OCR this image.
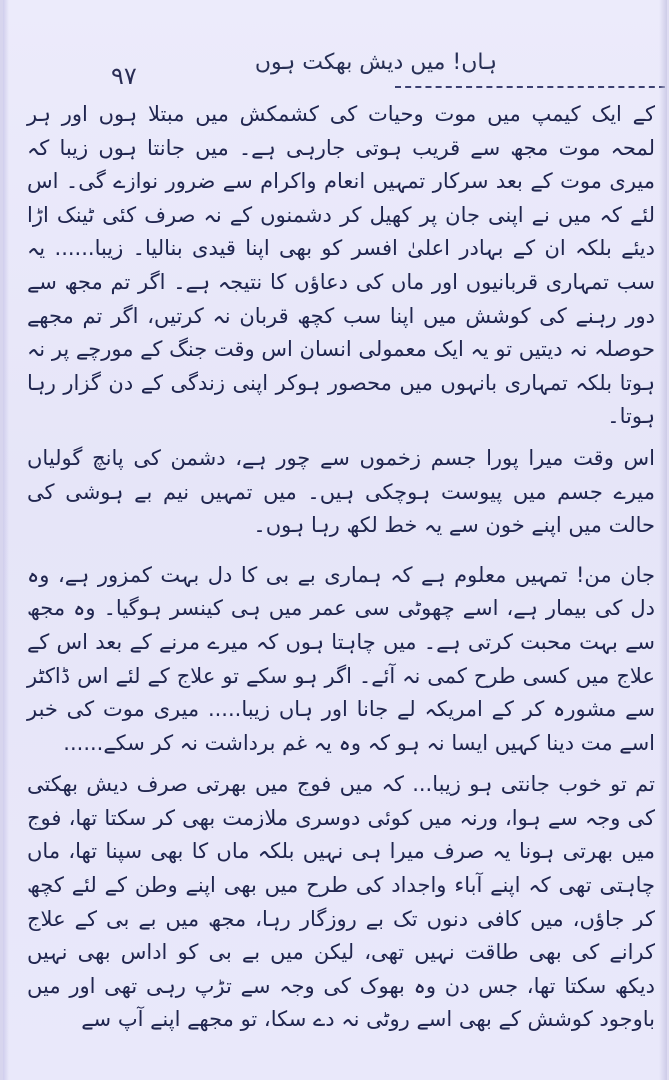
٩٧	ہاں! میں دیش بھکت ہوں

کے ایک کیمپ میں موت وحیات کی کشمکش میں مبتلا ہوں اور ہر لمحہ موت مجھ سے قریب ہوتی جارہی ہے۔ میں جانتا ہوں زیبا کہ میری موت کے بعد سرکار تمہیں انعام واکرام سے ضرور نوازے گی۔ اس لئے کہ میں نے اپنی جان پر کھیل کر دشمنوں کے نہ صرف کئی ٹینک اڑا دیئے بلکہ ان کے بہادر اعلیٰ افسر کو بھی اپنا قیدی بنالیا۔ زیبا...... یہ سب تمہاری قربانیوں اور ماں کی دعاؤں کا نتیجہ ہے۔ اگر تم مجھ سے دور رہنے کی کوشش میں اپنا سب کچھ قربان نہ کرتیں، اگر تم مجھے حوصلہ نہ دیتیں تو یہ ایک معمولی انسان اس وقت جنگ کے مورچے پر نہ ہوتا بلکہ تمہاری بانہوں میں محصور ہوکر اپنی زندگی کے دن گزار رہا ہوتا۔

اس وقت میرا پورا جسم زخموں سے چور ہے، دشمن کی پانچ گولیاں میرے جسم میں پیوست ہوچکی ہیں۔ میں تمہیں نیم بے ہوشی کی حالت میں اپنے خون سے یہ خط لکھ رہا ہوں۔

جان من! تمہیں معلوم ہے کہ ہماری بے بی کا دل بہت کمزور ہے، وہ دل کی بیمار ہے، اسے چھوٹی سی عمر میں ہی کینسر ہوگیا۔ وہ مجھ سے بہت محبت کرتی ہے۔ میں چاہتا ہوں کہ میرے مرنے کے بعد اس کے علاج میں کسی طرح کمی نہ آئے۔ اگر ہو سکے تو علاج کے لئے اس ڈاکٹر سے مشورہ کر کے امریکہ لے جانا اور ہاں زیبا..... میری موت کی خبر اسے مت دینا کہیں ایسا نہ ہو کہ وہ یہ غم برداشت نہ کر سکے......

تم تو خوب جانتی ہو زیبا... کہ میں فوج میں بھرتی صرف دیش بھکتی کی وجہ سے ہوا، ورنہ میں کوئی دوسری ملازمت بھی کر سکتا تھا، فوج میں بھرتی ہونا یہ صرف میرا ہی نہیں بلکہ ماں کا بھی سپنا تھا، ماں چاہتی تھی کہ اپنے آباء واجداد کی طرح میں بھی اپنے وطن کے لئے کچھ کر جاؤں، میں کافی دنوں تک بے روزگار رہا، مجھ میں بے بی کے علاج کرانے کی بھی طاقت نہیں تھی، لیکن میں بے بی کو اداس بھی نہیں دیکھ سکتا تھا، جس دن وہ بھوک کی وجہ سے تڑپ رہی تھی اور میں باوجود کوشش کے بھی اسے روٹی نہ دے سکا، تو مجھے اپنے آپ سے
